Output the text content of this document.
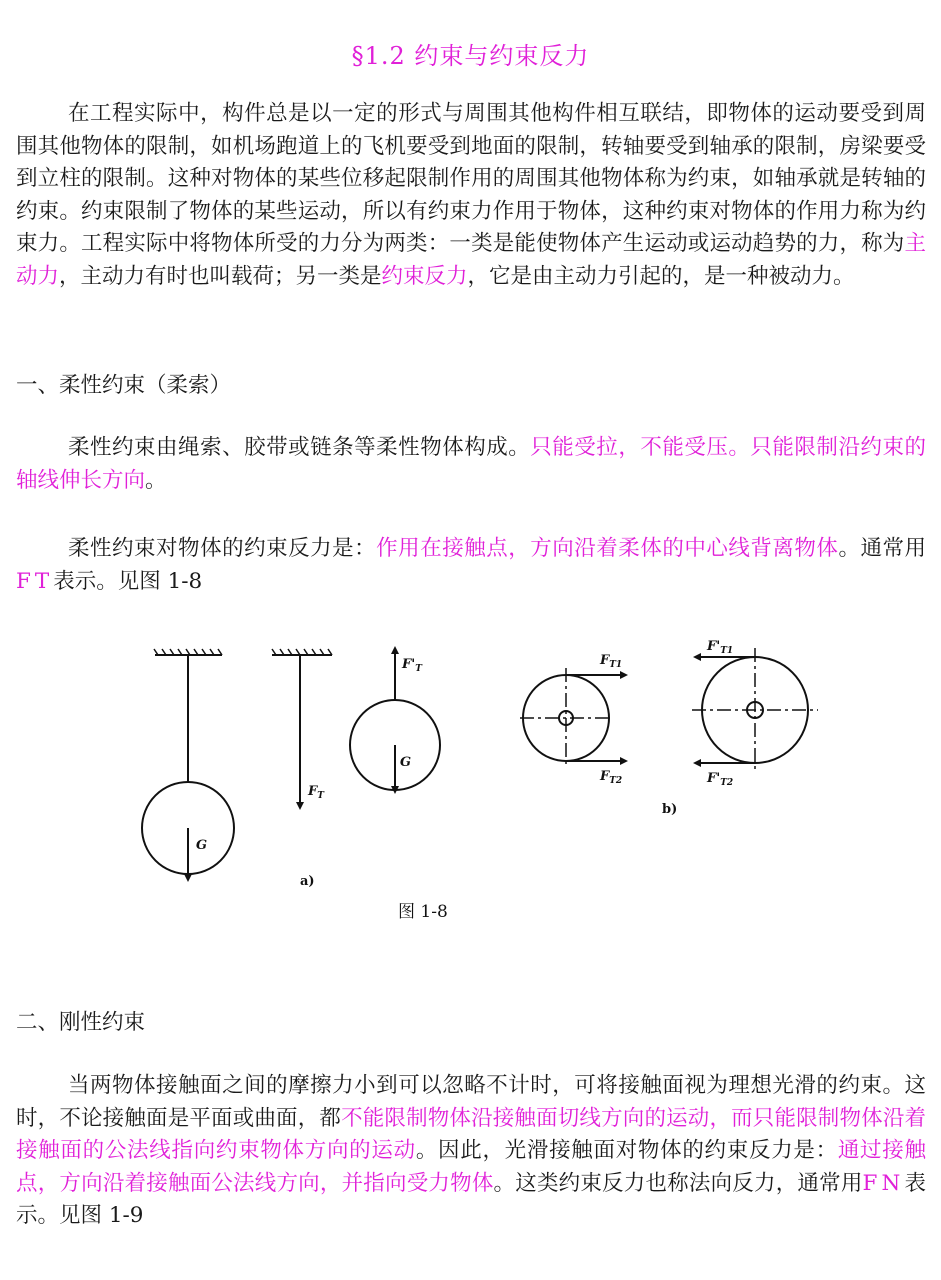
§1.2 约束与约束反力

在工程实际中，构件总是以一定的形式与周围其他构件相互联结，即物体的运动要受到周围其他物体的限制，如机场跑道上的飞机要受到地面的限制，转轴要受到轴承的限制，房梁要受到立柱的限制。这种对物体的某些位移起限制作用的周围其他物体称为约束，如轴承就是转轴的约束。约束限制了物体的某些运动，所以有约束力作用于物体，这种约束对物体的作用力称为约束力。工程实际中将物体所受的力分为两类：一类是能使物体产生运动或运动趋势的力，称为主动力，主动力有时也叫载荷；另一类是约束反力，它是由主动力引起的，是一种被动力。

一、柔性约束（柔索）

柔性约束由绳索、胶带或链条等柔性物体构成。只能受拉，不能受压。只能限制沿约束的轴线伸长方向。

柔性约束对物体的约束反力是：作用在接触点，方向沿着柔体的中心线背离物体。通常用FT表示。见图 1-8

G
$F_T$
$F'_T$
G
$F_{T1}$
$F_{T2}$
$F'_{T1}$
$F'_{T2}$
a)
b)
图 1-8

二、刚性约束

当两物体接触面之间的摩擦力小到可以忽略不计时，可将接触面视为理想光滑的约束。这时，不论接触面是平面或曲面，都不能限制物体沿接触面切线方向的运动，而只能限制物体沿着接触面的公法线指向约束物体方向的运动。因此，光滑接触面对物体的约束反力是：通过接触点，方向沿着接触面公法线方向，并指向受力物体。这类约束反力也称法向反力，通常用FN表示。见图 1-9
